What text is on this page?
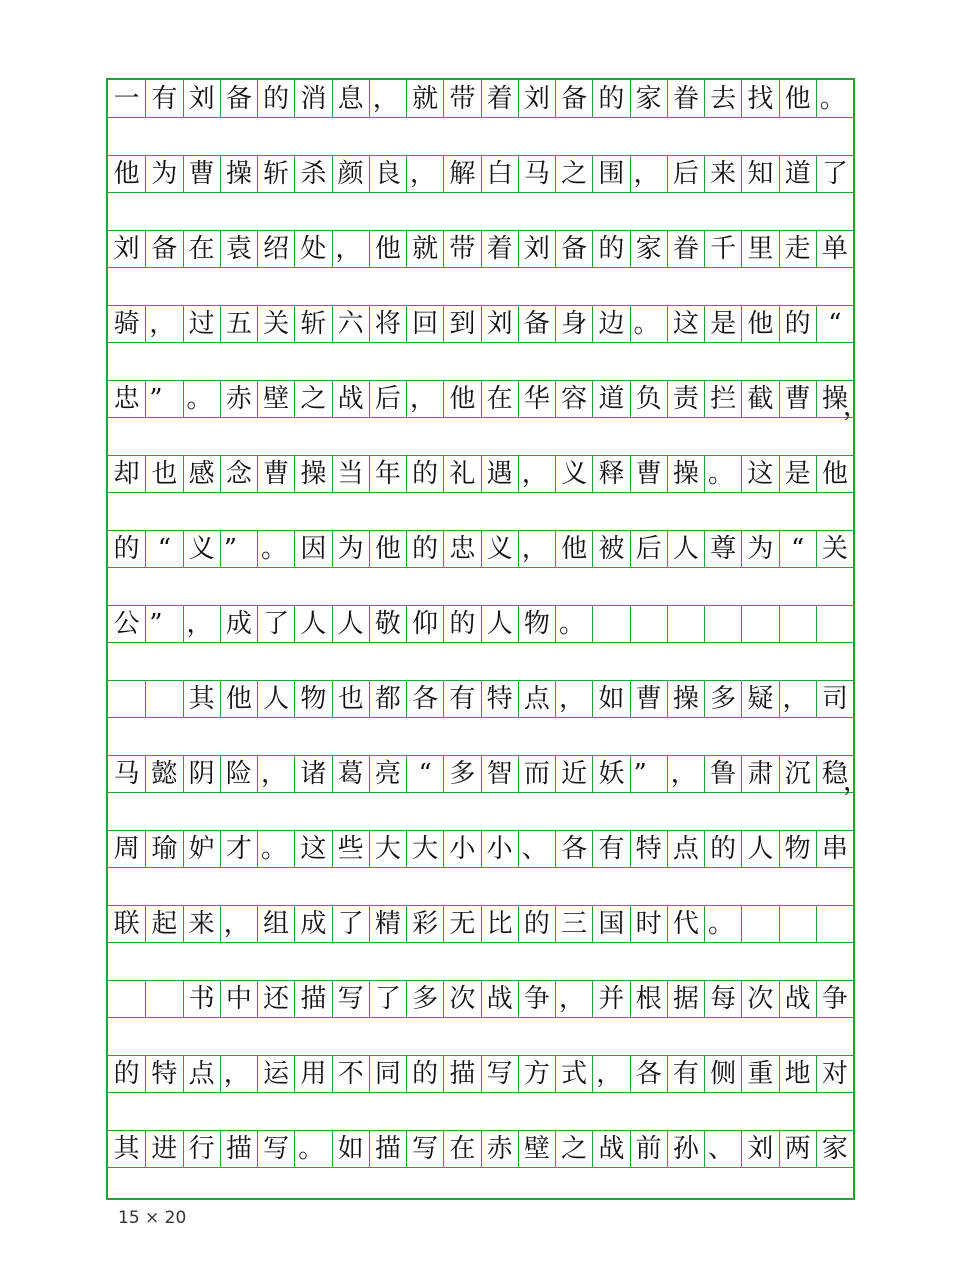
一 有 刘 备 的 消 息 ， 就 带 着 刘 备 的 家 眷 去 找 他 。
他 为 曹 操 斩 杀 颜 良 ， 解 白 马 之 围 ， 后 来 知 道 了
刘 备 在 袁 绍 处 ， 他 就 带 着 刘 备 的 家 眷 千 里 走 单
骑 ， 过 五 关 斩 六 将 回 到 刘 备 身 边 。 这 是 他 的 “
忠 ” 。 赤 壁 之 战 后 ， 他 在 华 容 道 负 责 拦 截 曹 操
，
却 也 感 念 曹 操 当 年 的 礼 遇 ， 义 释 曹 操 。 这 是 他
的 “ 义 ” 。 因 为 他 的 忠 义 ， 他 被 后 人 尊 为 “ 关
公 ” ， 成 了 人 人 敬 仰 的 人 物 。
其 他 人 物 也 都 各 有 特 点 ， 如 曹 操 多 疑 ， 司
马 懿 阴 险 ， 诸 葛 亮 “ 多 智 而 近 妖 ” ， 鲁 肃 沉 稳
，
周 瑜 妒 才 。 这 些 大 大 小 小 、 各 有 特 点 的 人 物 串
联 起 来 ， 组 成 了 精 彩 无 比 的 三 国 时 代 。
书 中 还 描 写 了 多 次 战 争 ， 并 根 据 每 次 战 争
的 特 点 ， 运 用 不 同 的 描 写 方 式 ， 各 有 侧 重 地 对
其 进 行 描 写 。 如 描 写 在 赤 壁 之 战 前 孙 、 刘 两 家
15 × 20
